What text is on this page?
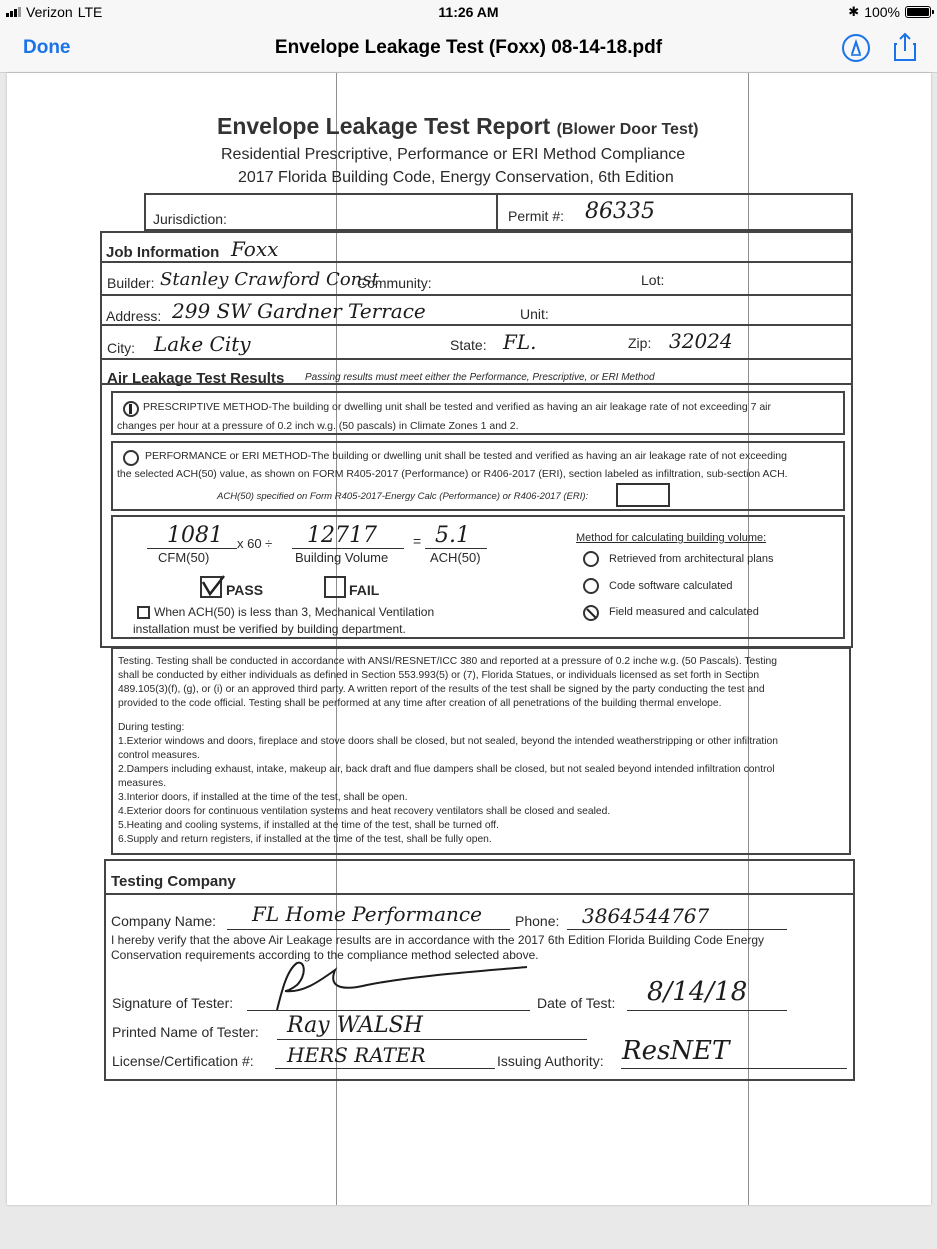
Verizon LTE	11:26 AM	✱ 100%
Done	Envelope Leakage Test (Foxx) 08-14-18.pdf
Envelope Leakage Test Report (Blower Door Test)
Residential Prescriptive, Performance or ERI Method Compliance
2017 Florida Building Code, Energy Conservation, 6th Edition
Jurisdiction:	Permit #: 86335
Job Information Foxx
Builder: Stanley Crawford Const
Community:	Lot:
Address: 299 SW Gardner Terrace	Unit:
City: Lake City	State: FL.	Zip: 32024
Air Leakage Test Results Passing results must meet either the Performance, Prescriptive, or ERI Method
PRESCRIPTIVE METHOD-The building or dwelling unit shall be tested and verified as having an air leakage rate of not exceeding 7 air
changes per hour at a pressure of 0.2 inch w.g. (50 pascals) in Climate Zones 1 and 2.
PERFORMANCE or ERI METHOD-The building or dwelling unit shall be tested and verified as having an air leakage rate of not exceeding
the selected ACH(50) value, as shown on FORM R405-2017 (Performance) or R406-2017 (ERI), section labeled as infiltration, sub-section ACH.
ACH(50) specified on Form R405-2017-Energy Calc (Performance) or R406-2017 (ERI):
1081
CFM(50)
x 60 ÷ 12717
Building Volume
= 5.1
ACH(50)
PASS	FAIL
When ACH(50) is less than 3, Mechanical Ventilation
installation must be verified by building department.
Method for calculating building volume:
Retrieved from architectural plans
Code software calculated
Field measured and calculated
Testing. Testing shall be conducted in accordance with ANSI/RESNET/ICC 380 and reported at a pressure of 0.2 inche w.g. (50 Pascals). Testing
shall be conducted by either individuals as defined in Section 553.993(5) or (7), Florida Statues, or individuals licensed as set forth in Section
489.105(3)(f), (g), or (i) or an approved third party. A written report of the results of the test shall be signed by the party conducting the test and
provided to the code official. Testing shall be performed at any time after creation of all penetrations of the building thermal envelope.
During testing:
1.Exterior windows and doors, fireplace and stove doors shall be closed, but not sealed, beyond the intended weatherstripping or other infiltration
control measures.
2.Dampers including exhaust, intake, makeup air, back draft and flue dampers shall be closed, but not sealed beyond intended infiltration control
measures.
3.Interior doors, if installed at the time of the test, shall be open.
4.Exterior doors for continuous ventilation systems and heat recovery ventilators shall be closed and sealed.
5.Heating and cooling systems, if installed at the time of the test, shall be turned off.
6.Supply and return registers, if installed at the time of the test, shall be fully open.
Testing Company
Company Name: FL Home Performance Phone: 3864544767
I hereby verify that the above Air Leakage results are in accordance with the 2017 6th Edition Florida Building Code Energy
Conservation requirements according to the compliance method selected above.
Signature of Tester:	Date of Test: 8/14/18
Printed Name of Tester: Ray WALSH
License/Certification #: HERS RATER	Issuing Authority: ResNET
